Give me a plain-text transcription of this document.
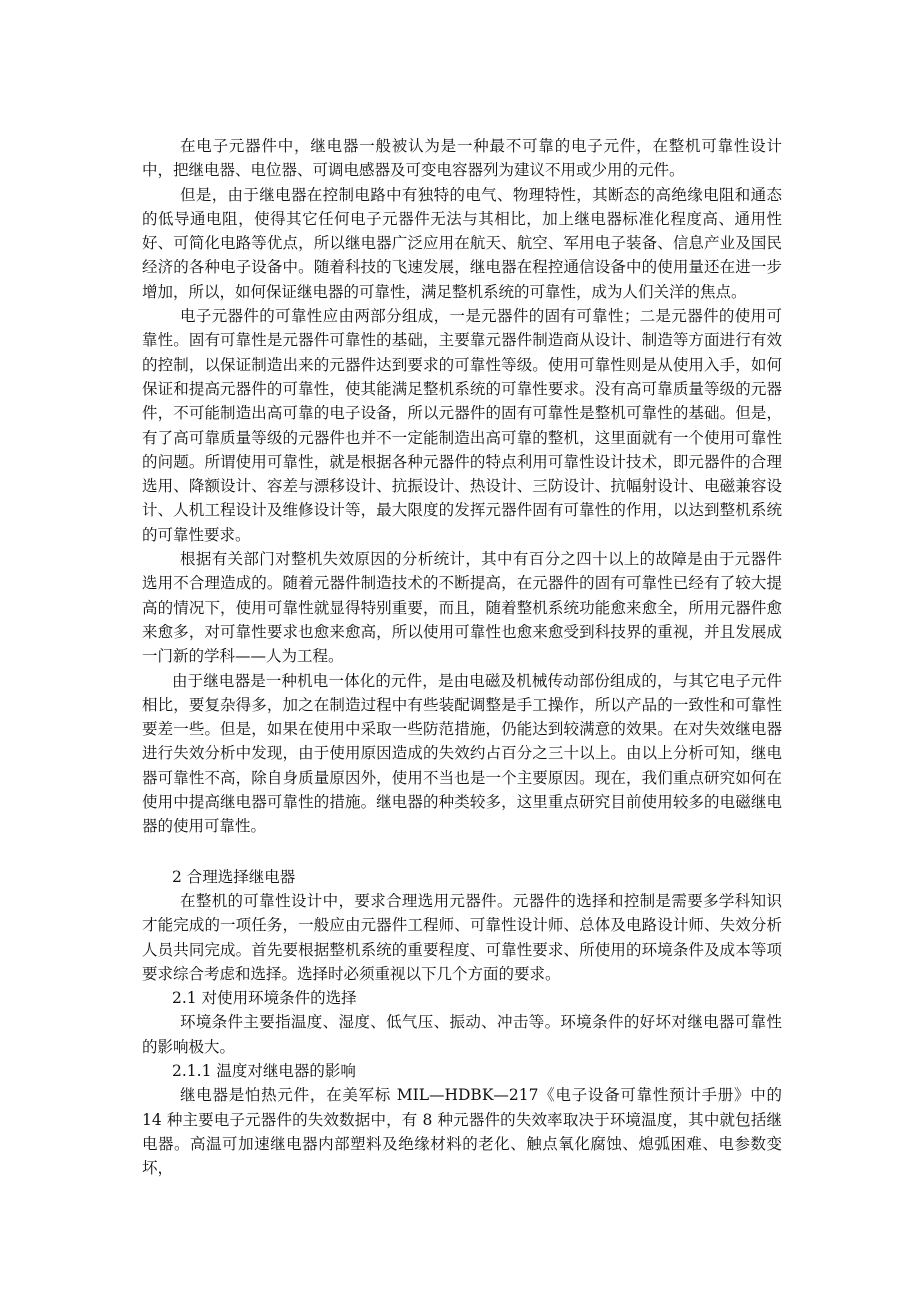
在电子元器件中，继电器一般被认为是一种最不可靠的电子元件，在整机可靠性设计中，把继电器、电位器、可调电感器及可变电容器列为建议不用或少用的元件。

但是，由于继电器在控制电路中有独特的电气、物理特性，其断态的高绝缘电阻和通态的低导通电阻，使得其它任何电子元器件无法与其相比，加上继电器标准化程度高、通用性好、可简化电路等优点，所以继电器广泛应用在航天、航空、军用电子装备、信息产业及国民经济的各种电子设备中。随着科技的飞速发展，继电器在程控通信设备中的使用量还在进一步增加，所以，如何保证继电器的可靠性，满足整机系统的可靠性，成为人们关洋的焦点。

电子元器件的可靠性应由两部分组成，一是元器件的固有可靠性；二是元器件的使用可靠性。固有可靠性是元器件可靠性的基础，主要靠元器件制造商从设计、制造等方面进行有效的控制，以保证制造出来的元器件达到要求的可靠性等级。使用可靠性则是从使用入手，如何保证和提高元器件的可靠性，使其能满足整机系统的可靠性要求。没有高可靠质量等级的元器件，不可能制造出高可靠的电子设备，所以元器件的固有可靠性是整机可靠性的基础。但是，有了高可靠质量等级的元器件也并不一定能制造出高可靠的整机，这里面就有一个使用可靠性的问题。所谓使用可靠性，就是根据各种元器件的特点利用可靠性设计技术，即元器件的合理选用、降额设计、容差与漂移设计、抗振设计、热设计、三防设计、抗幅射设计、电磁兼容设计、人机工程设计及维修设计等，最大限度的发挥元器件固有可靠性的作用，以达到整机系统的可靠性要求。

根据有关部门对整机失效原因的分析统计，其中有百分之四十以上的故障是由于元器件选用不合理造成的。随着元器件制造技术的不断提高，在元器件的固有可靠性已经有了较大提高的情况下，使用可靠性就显得特别重要，而且，随着整机系统功能愈来愈全，所用元器件愈来愈多，对可靠性要求也愈来愈高，所以使用可靠性也愈来愈受到科技界的重视，并且发展成一门新的学科——人为工程。

由于继电器是一种机电一体化的元件，是由电磁及机械传动部份组成的，与其它电子元件相比，要复杂得多，加之在制造过程中有些装配调整是手工操作，所以产品的一致性和可靠性要差一些。但是，如果在使用中采取一些防范措施，仍能达到较满意的效果。在对失效继电器进行失效分析中发现，由于使用原因造成的失效约占百分之三十以上。由以上分析可知，继电器可靠性不高，除自身质量原因外，使用不当也是一个主要原因。现在，我们重点研究如何在使用中提高继电器可靠性的措施。继电器的种类较多，这里重点研究目前使用较多的电磁继电器的使用可靠性。

2 合理选择继电器

在整机的可靠性设计中，要求合理选用元器件。元器件的选择和控制是需要多学科知识才能完成的一项任务，一般应由元器件工程师、可靠性设计师、总体及电路设计师、失效分析人员共同完成。首先要根据整机系统的重要程度、可靠性要求、所使用的环境条件及成本等项要求综合考虑和选择。选择时必须重视以下几个方面的要求。

2.1 对使用环境条件的选择

环境条件主要指温度、湿度、低气压、振动、冲击等。环境条件的好坏对继电器可靠性的影响极大。

2.1.1 温度对继电器的影响

继电器是怕热元件，在美军标 MIL—HDBK—217《电子设备可靠性预计手册》中的 14 种主要电子元器件的失效数据中，有 8 种元器件的失效率取决于环境温度，其中就包括继电器。高温可加速继电器内部塑料及绝缘材料的老化、触点氧化腐蚀、熄弧困难、电参数变坏，
